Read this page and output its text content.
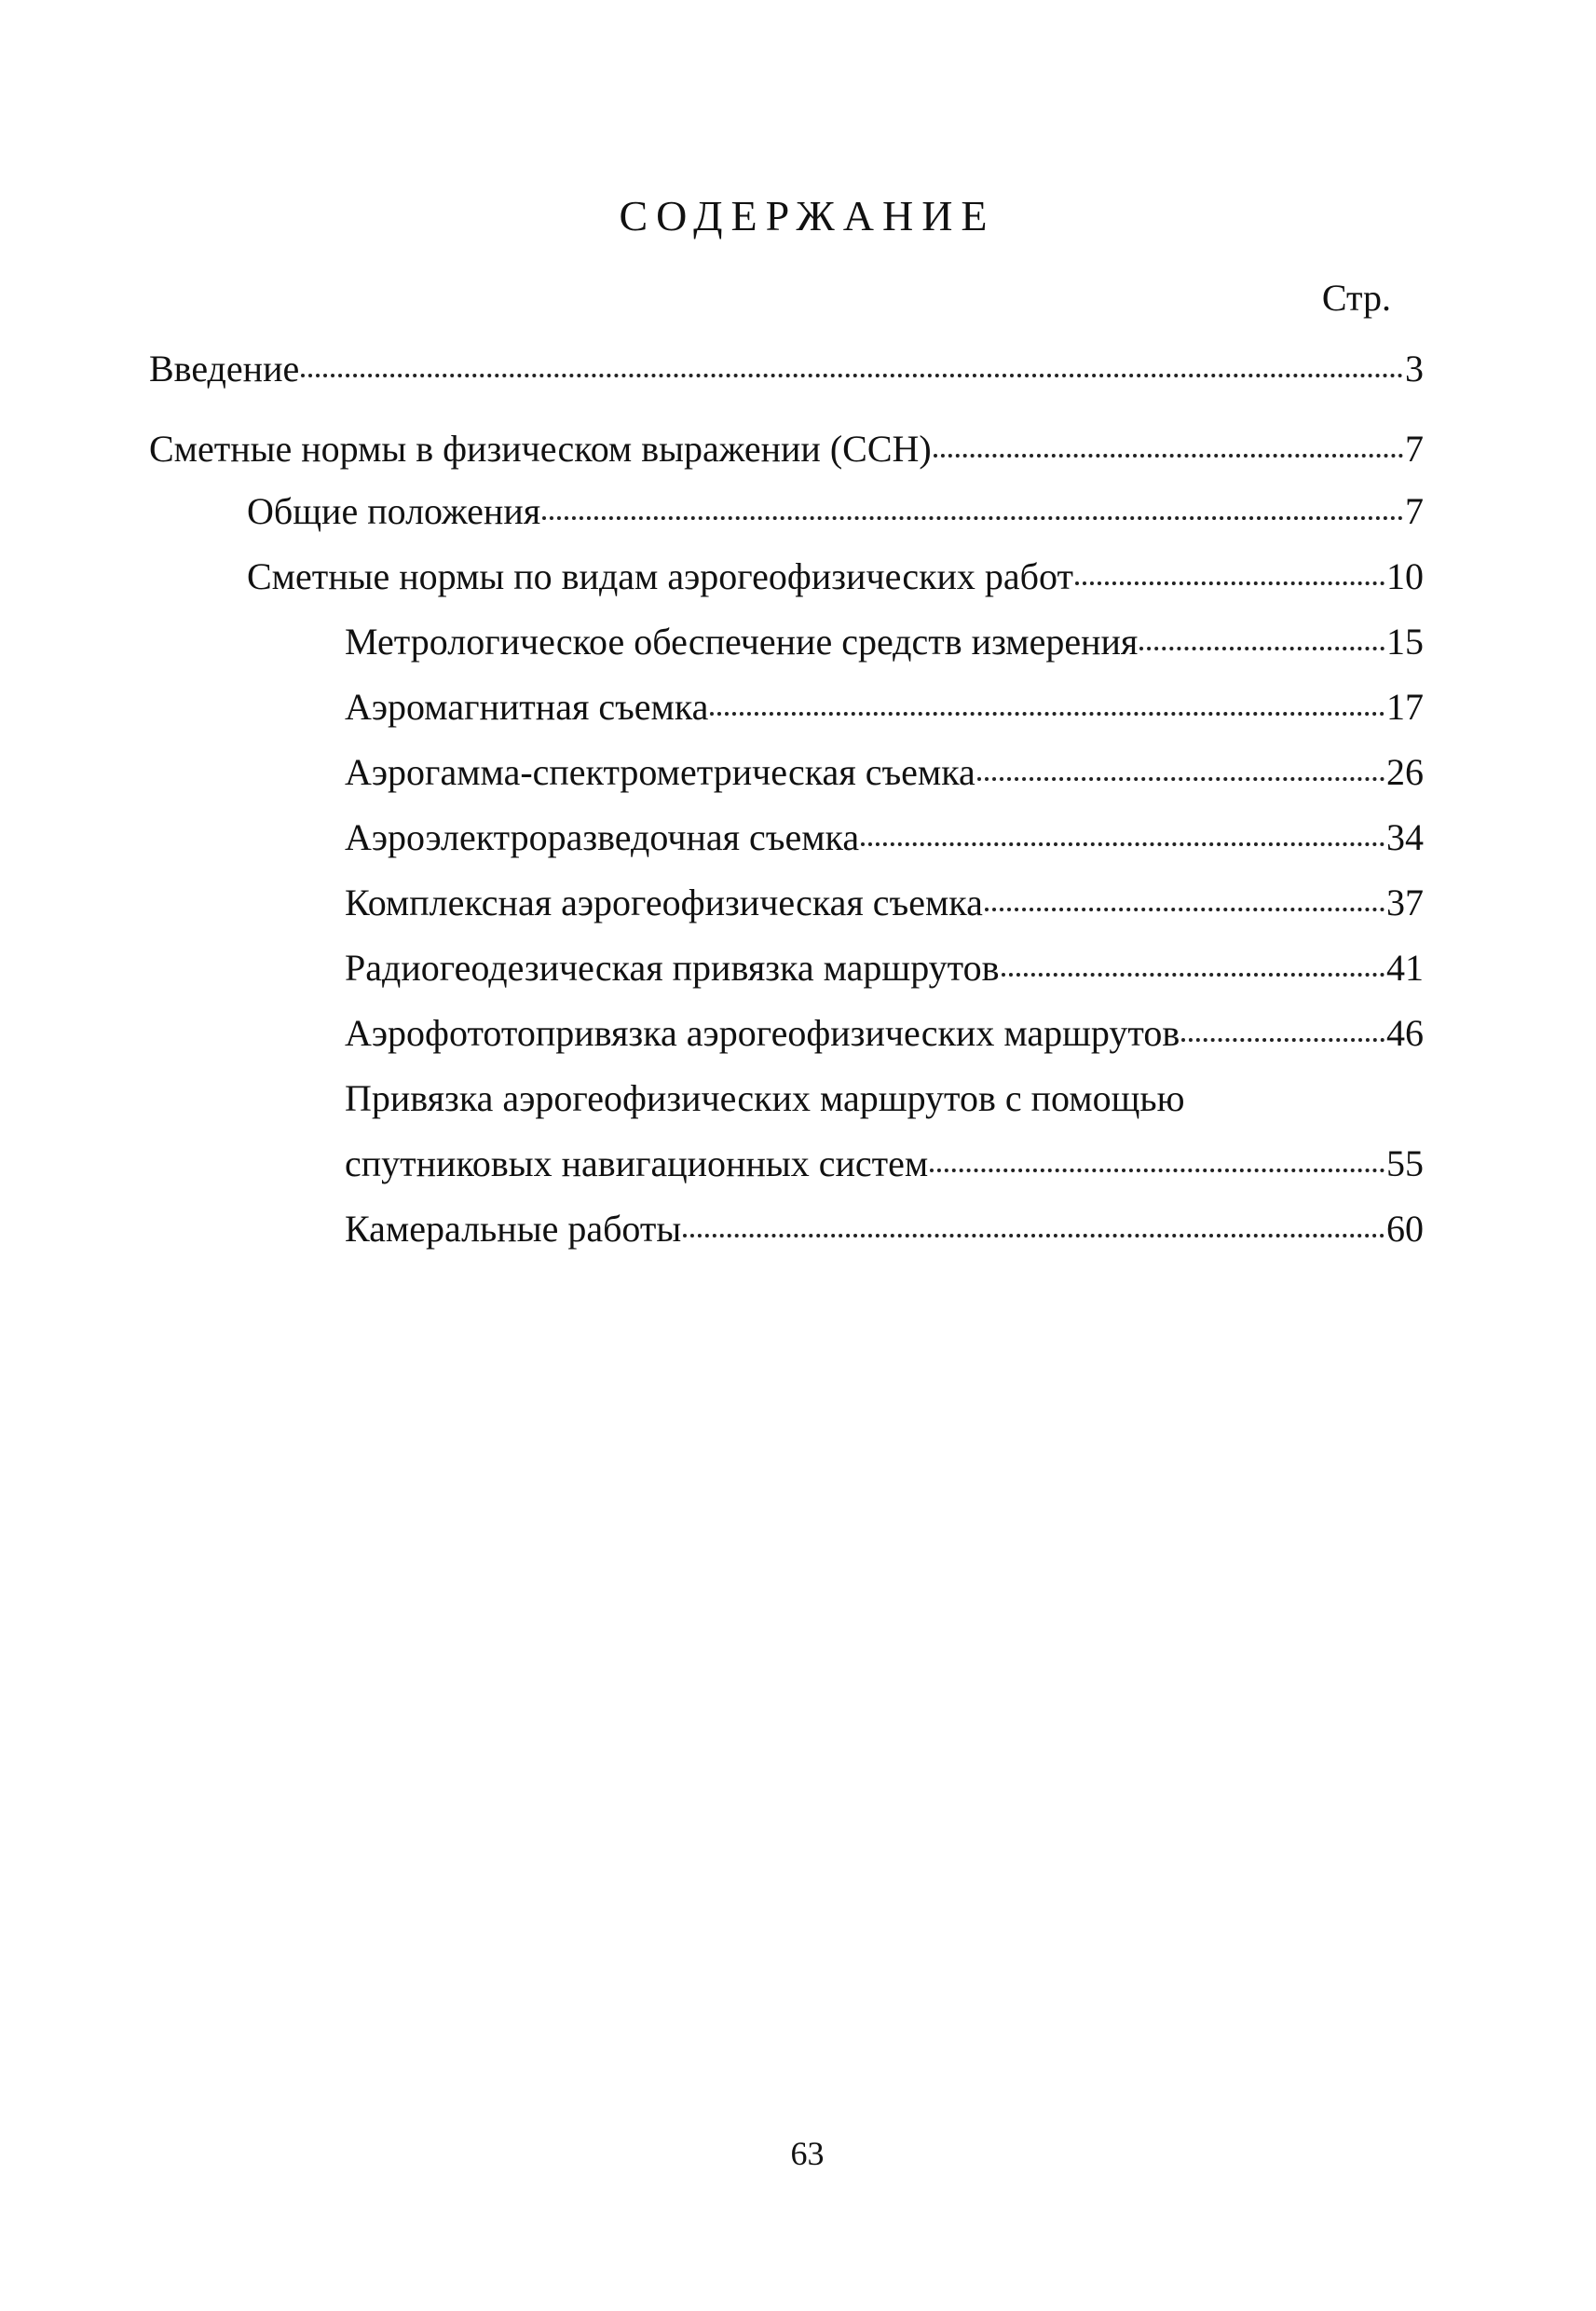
СОДЕРЖАНИЕ
Стр.
Введение	3
Сметные нормы в физическом выражении (ССН)	7
Общие положения	7
Сметные нормы по видам аэрогеофизических работ	10
Метрологическое обеспечение средств измерения	15
Аэромагнитная съемка	17
Аэрогамма-спектрометрическая съемка	26
Аэроэлектроразведочная съемка	34
Комплексная аэрогеофизическая съемка	37
Радиогеодезическая привязка маршрутов	41
Аэрофототопривязка аэрогеофизических маршрутов	46
Привязка аэрогеофизических маршрутов с помощью
спутниковых навигационных систем	55
Камеральные работы	60
63
